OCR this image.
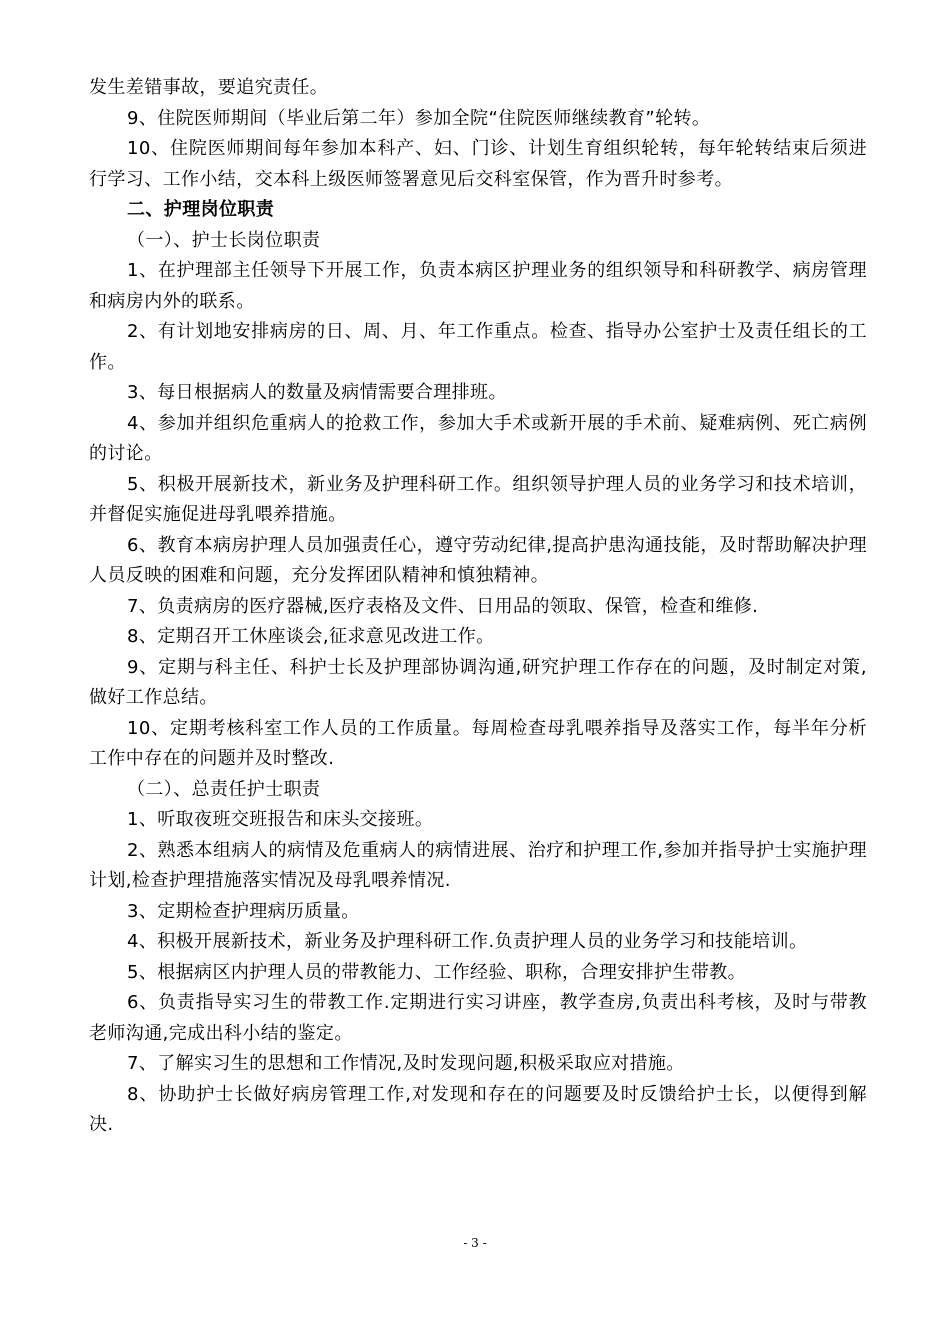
发生差错事故，要追究责任。

9、住院医师期间（毕业后第二年）参加全院“住院医师继续教育”轮转。

10、住院医师期间每年参加本科产、妇、门诊、计划生育组织轮转，每年轮转结束后须进行学习、工作小结，交本科上级医师签署意见后交科室保管，作为晋升时参考。

二、护理岗位职责

（一）、护士长岗位职责

1、在护理部主任领导下开展工作，负责本病区护理业务的组织领导和科研教学、病房管理和病房内外的联系。

2、有计划地安排病房的日、周、月、年工作重点。检查、指导办公室护士及责任组长的工作。

3、每日根据病人的数量及病情需要合理排班。

4、参加并组织危重病人的抢救工作，参加大手术或新开展的手术前、疑难病例、死亡病例的讨论。

5、积极开展新技术，新业务及护理科研工作。组织领导护理人员的业务学习和技术培训，并督促实施促进母乳喂养措施。

6、教育本病房护理人员加强责任心，遵守劳动纪律,提高护患沟通技能，及时帮助解决护理人员反映的困难和问题，充分发挥团队精神和慎独精神。

7、负责病房的医疗器械,医疗表格及文件、日用品的领取、保管，检查和维修.

8、定期召开工休座谈会,征求意见改进工作。

9、定期与科主任、科护士长及护理部协调沟通,研究护理工作存在的问题，及时制定对策,做好工作总结。

10、定期考核科室工作人员的工作质量。每周检查母乳喂养指导及落实工作，每半年分析工作中存在的问题并及时整改.

（二）、总责任护士职责

1、听取夜班交班报告和床头交接班。

2、熟悉本组病人的病情及危重病人的病情进展、治疗和护理工作,参加并指导护士实施护理计划,检查护理措施落实情况及母乳喂养情况.

3、定期检查护理病历质量。

4、积极开展新技术，新业务及护理科研工作.负责护理人员的业务学习和技能培训。

5、根据病区内护理人员的带教能力、工作经验、职称，合理安排护生带教。

6、负责指导实习生的带教工作.定期进行实习讲座，教学查房,负责出科考核，及时与带教老师沟通,完成出科小结的鉴定。

7、了解实习生的思想和工作情况,及时发现问题,积极采取应对措施。

8、协助护士长做好病房管理工作,对发现和存在的问题要及时反馈给护士长，以便得到解决.

- 3 -
